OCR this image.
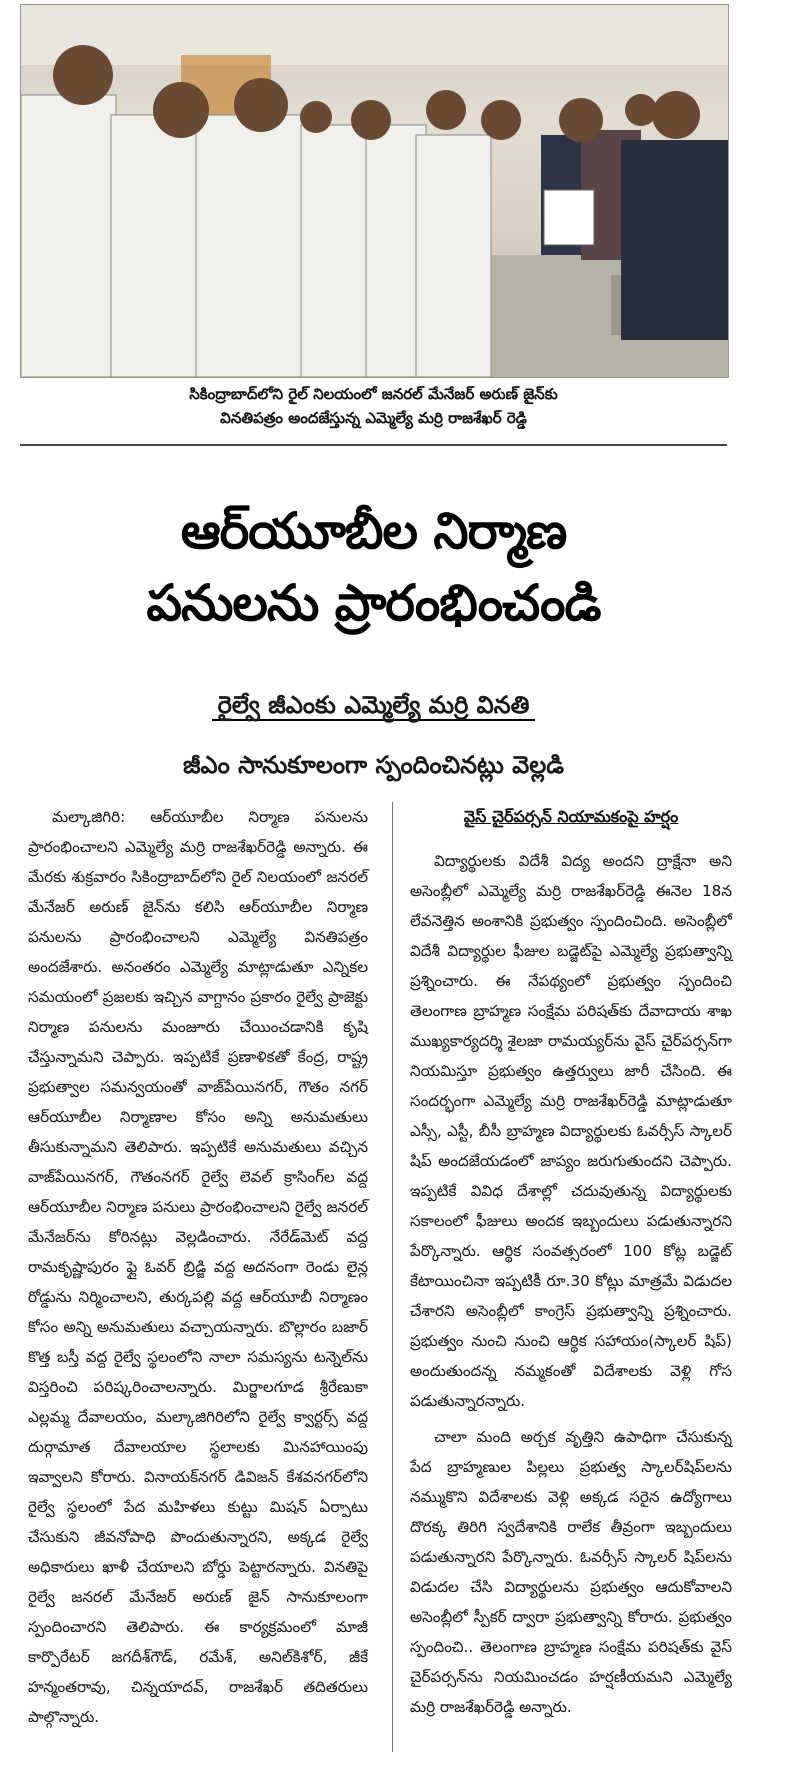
సికింద్రాబాద్‌లోని రైల్ నిలయంలో జనరల్ మేనేజర్ అరుణ్ జైన్‌కు
వినతిపత్రం అందజేస్తున్న ఎమ్మెల్యే మర్రి రాజశేఖర్ రెడ్డి
ఆర్‌యూబీల నిర్మాణ
పనులను ప్రారంభించండి
రైల్వే జీఎంకు ఎమ్మెల్యే మర్రి వినతి
జీఎం సానుకూలంగా స్పందించినట్లు వెల్లడి

మల్కాజిగిరి: ఆర్‌యూబీల నిర్మాణ పనులను ప్రారంభించాలని ఎమ్మెల్యే మర్రి రాజశేఖర్‌రెడ్డి అన్నారు. ఈ మేరకు శుక్రవారం సికింద్రాబాద్‌లోని రైల్ నిలయంలో జనరల్ మేనేజర్ అరుణ్ జైన్‌ను కలిసి ఆర్‌యూబీల నిర్మాణ పనులను ప్రారంభించాలని ఎమ్మెల్యే వినతిపత్రం అందజేశారు. అనంతరం ఎమ్మెల్యే మాట్లాడుతూ ఎన్నికల సమయంలో ప్రజలకు ఇచ్చిన వాగ్దానం ప్రకారం రైల్వే ప్రాజెక్టు నిర్మాణ పనులను మంజూరు చేయించడానికి కృషి చేస్తున్నామని చెప్పారు. ఇప్పటికే ప్రణాళికతో కేంద్ర, రాష్ట్ర ప్రభుత్వాల సమన్వయంతో వాజ్‌పేయినగర్, గౌతం నగర్ ఆర్‌యూబీల నిర్మాణాల కోసం అన్ని అనుమతులు తీసుకున్నామని తెలిపారు. ఇప్పటికే అనుమతులు వచ్చిన వాజ్‌పేయినగర్, గౌతంనగర్ రైల్వే లెవల్ క్రాసింగ్‌ల వద్ద ఆర్‌యూబీల నిర్మాణ పనులు ప్రారంభించాలని రైల్వే జనరల్ మేనేజర్‌ను కోరినట్లు వెల్లడించారు. నేరేడ్‌మెట్ వద్ద రామకృష్ణాపురం ఫ్లై ఓవర్ బ్రిడ్జి వద్ద అదనంగా రెండు లైన్ల రోడ్డును నిర్మించాలని, తుర్కపల్లి వద్ద ఆర్‌యూబీ నిర్మాణం కోసం అన్ని అనుమతులు వచ్చాయన్నారు. బొల్లారం బజార్ కొత్త బస్తీ వద్ద రైల్వే స్థలంలోని నాలా సమస్యను టన్నెల్‌ను విస్తరించి పరిష్కరించాలన్నారు. మిర్జాలగూడ శ్రీరేణుకా ఎల్లమ్మ దేవాలయం, మల్కాజిగిరిలోని రైల్వే క్వార్టర్స్ వద్ద దుర్గామాత దేవాలయాల స్థలాలకు మినహాయింపు ఇవ్వాలని కోరారు. వినాయక్‌నగర్ డివిజన్ కేశవనగర్‌లోని రైల్వే స్థలంలో పేద మహిళలు కుట్టు మిషన్ ఏర్పాటు చేసుకుని జీవనోపాధి పొందుతున్నారని, అక్కడ రైల్వే అధికారులు ఖాళీ చేయాలని బోర్డు పెట్టారన్నారు. వినతిపై రైల్వే జనరల్ మేనేజర్ అరుణ్ జైన్ సానుకూలంగా స్పందించారని తెలిపారు. ఈ కార్యక్రమంలో మాజీ కార్పొరేటర్ జగదీశ్‌గౌడ్, రమేశ్, అనిల్‌కిశోర్, జీకే హన్మంతరావు, చిన్నయాదవ్, రాజశేఖర్ తదితరులు పాల్గొన్నారు.

వైస్ చైర్‌పర్సన్ నియామకంపై హర్షం

విద్యార్థులకు విదేశీ విద్య అందని ద్రాక్షేనా అని అసెంబ్లీలో ఎమ్మెల్యే మర్రి రాజశేఖర్‌రెడ్డి ఈనెల 18న లేవనెత్తిన అంశానికి ప్రభుత్వం స్పందించింది. అసెంబ్లీలో విదేశీ విద్యార్థుల ఫీజుల బడ్జెట్‌పై ఎమ్మెల్యే ప్రభుత్వాన్ని ప్రశ్నించారు. ఈ నేపథ్యంలో ప్రభుత్వం స్పందించి తెలంగాణ బ్రాహ్మణ సంక్షేమ పరిషత్‌కు దేవాదాయ శాఖ ముఖ్యకార్యదర్శి శైలజా రామయ్యర్‌ను వైస్ చైర్‌పర్సన్‌గా నియమిస్తూ ప్రభుత్వం ఉత్తర్వులు జారీ చేసింది. ఈ సందర్భంగా ఎమ్మెల్యే మర్రి రాజశేఖర్‌రెడ్డి మాట్లాడుతూ ఎస్సీ, ఎస్టీ, బీసీ బ్రాహ్మణ విద్యార్థులకు ఓవర్సీస్ స్కాలర్ షిప్ అందజేయడంలో జాప్యం జరుగుతుందని చెప్పారు. ఇప్పటికే వివిధ దేశాల్లో చదువుతున్న విద్యార్థులకు సకాలంలో ఫీజులు అందక ఇబ్బందులు పడుతున్నారని పేర్కొన్నారు. ఆర్థిక సంవత్సరంలో 100 కోట్ల బడ్జెట్ కేటాయించినా ఇప్పటికీ రూ.30 కోట్లు మాత్రమే విడుదల చేశారని అసెంబ్లీలో కాంగ్రెస్ ప్రభుత్వాన్ని ప్రశ్నించారు. ప్రభుత్వం నుంచి నుంచి ఆర్థిక సహాయం(స్కాలర్ షిప్) అందుతుందన్న నమ్మకంతో విదేశాలకు వెళ్లి గోస పడుతున్నారన్నారు.

చాలా మంది అర్చక వృత్తిని ఉపాధిగా చేసుకున్న పేద బ్రాహ్మణుల పిల్లలు ప్రభుత్వ స్కాలర్‌షిప్‌లను నమ్ముకొని విదేశాలకు వెళ్లి అక్కడ సరైన ఉద్యోగాలు దొరక్క తిరిగి స్వదేశానికి రాలేక తీవ్రంగా ఇబ్బందులు పడుతున్నారని పేర్కొన్నారు. ఓవర్సీస్ స్కాలర్ షిప్‌లను విడుదల చేసి విద్యార్థులను ప్రభుత్వం ఆదుకోవాలని అసెంబ్లీలో స్పీకర్ ద్వారా ప్రభుత్వాన్ని కోరారు. ప్రభుత్వం స్పందించి.. తెలంగాణ బ్రాహ్మణ సంక్షేమ పరిషత్‌కు వైస్ చైర్‌పర్సన్‌ను నియమించడం హర్షణీయమని ఎమ్మెల్యే మర్రి రాజశేఖర్‌రెడ్డి అన్నారు.
